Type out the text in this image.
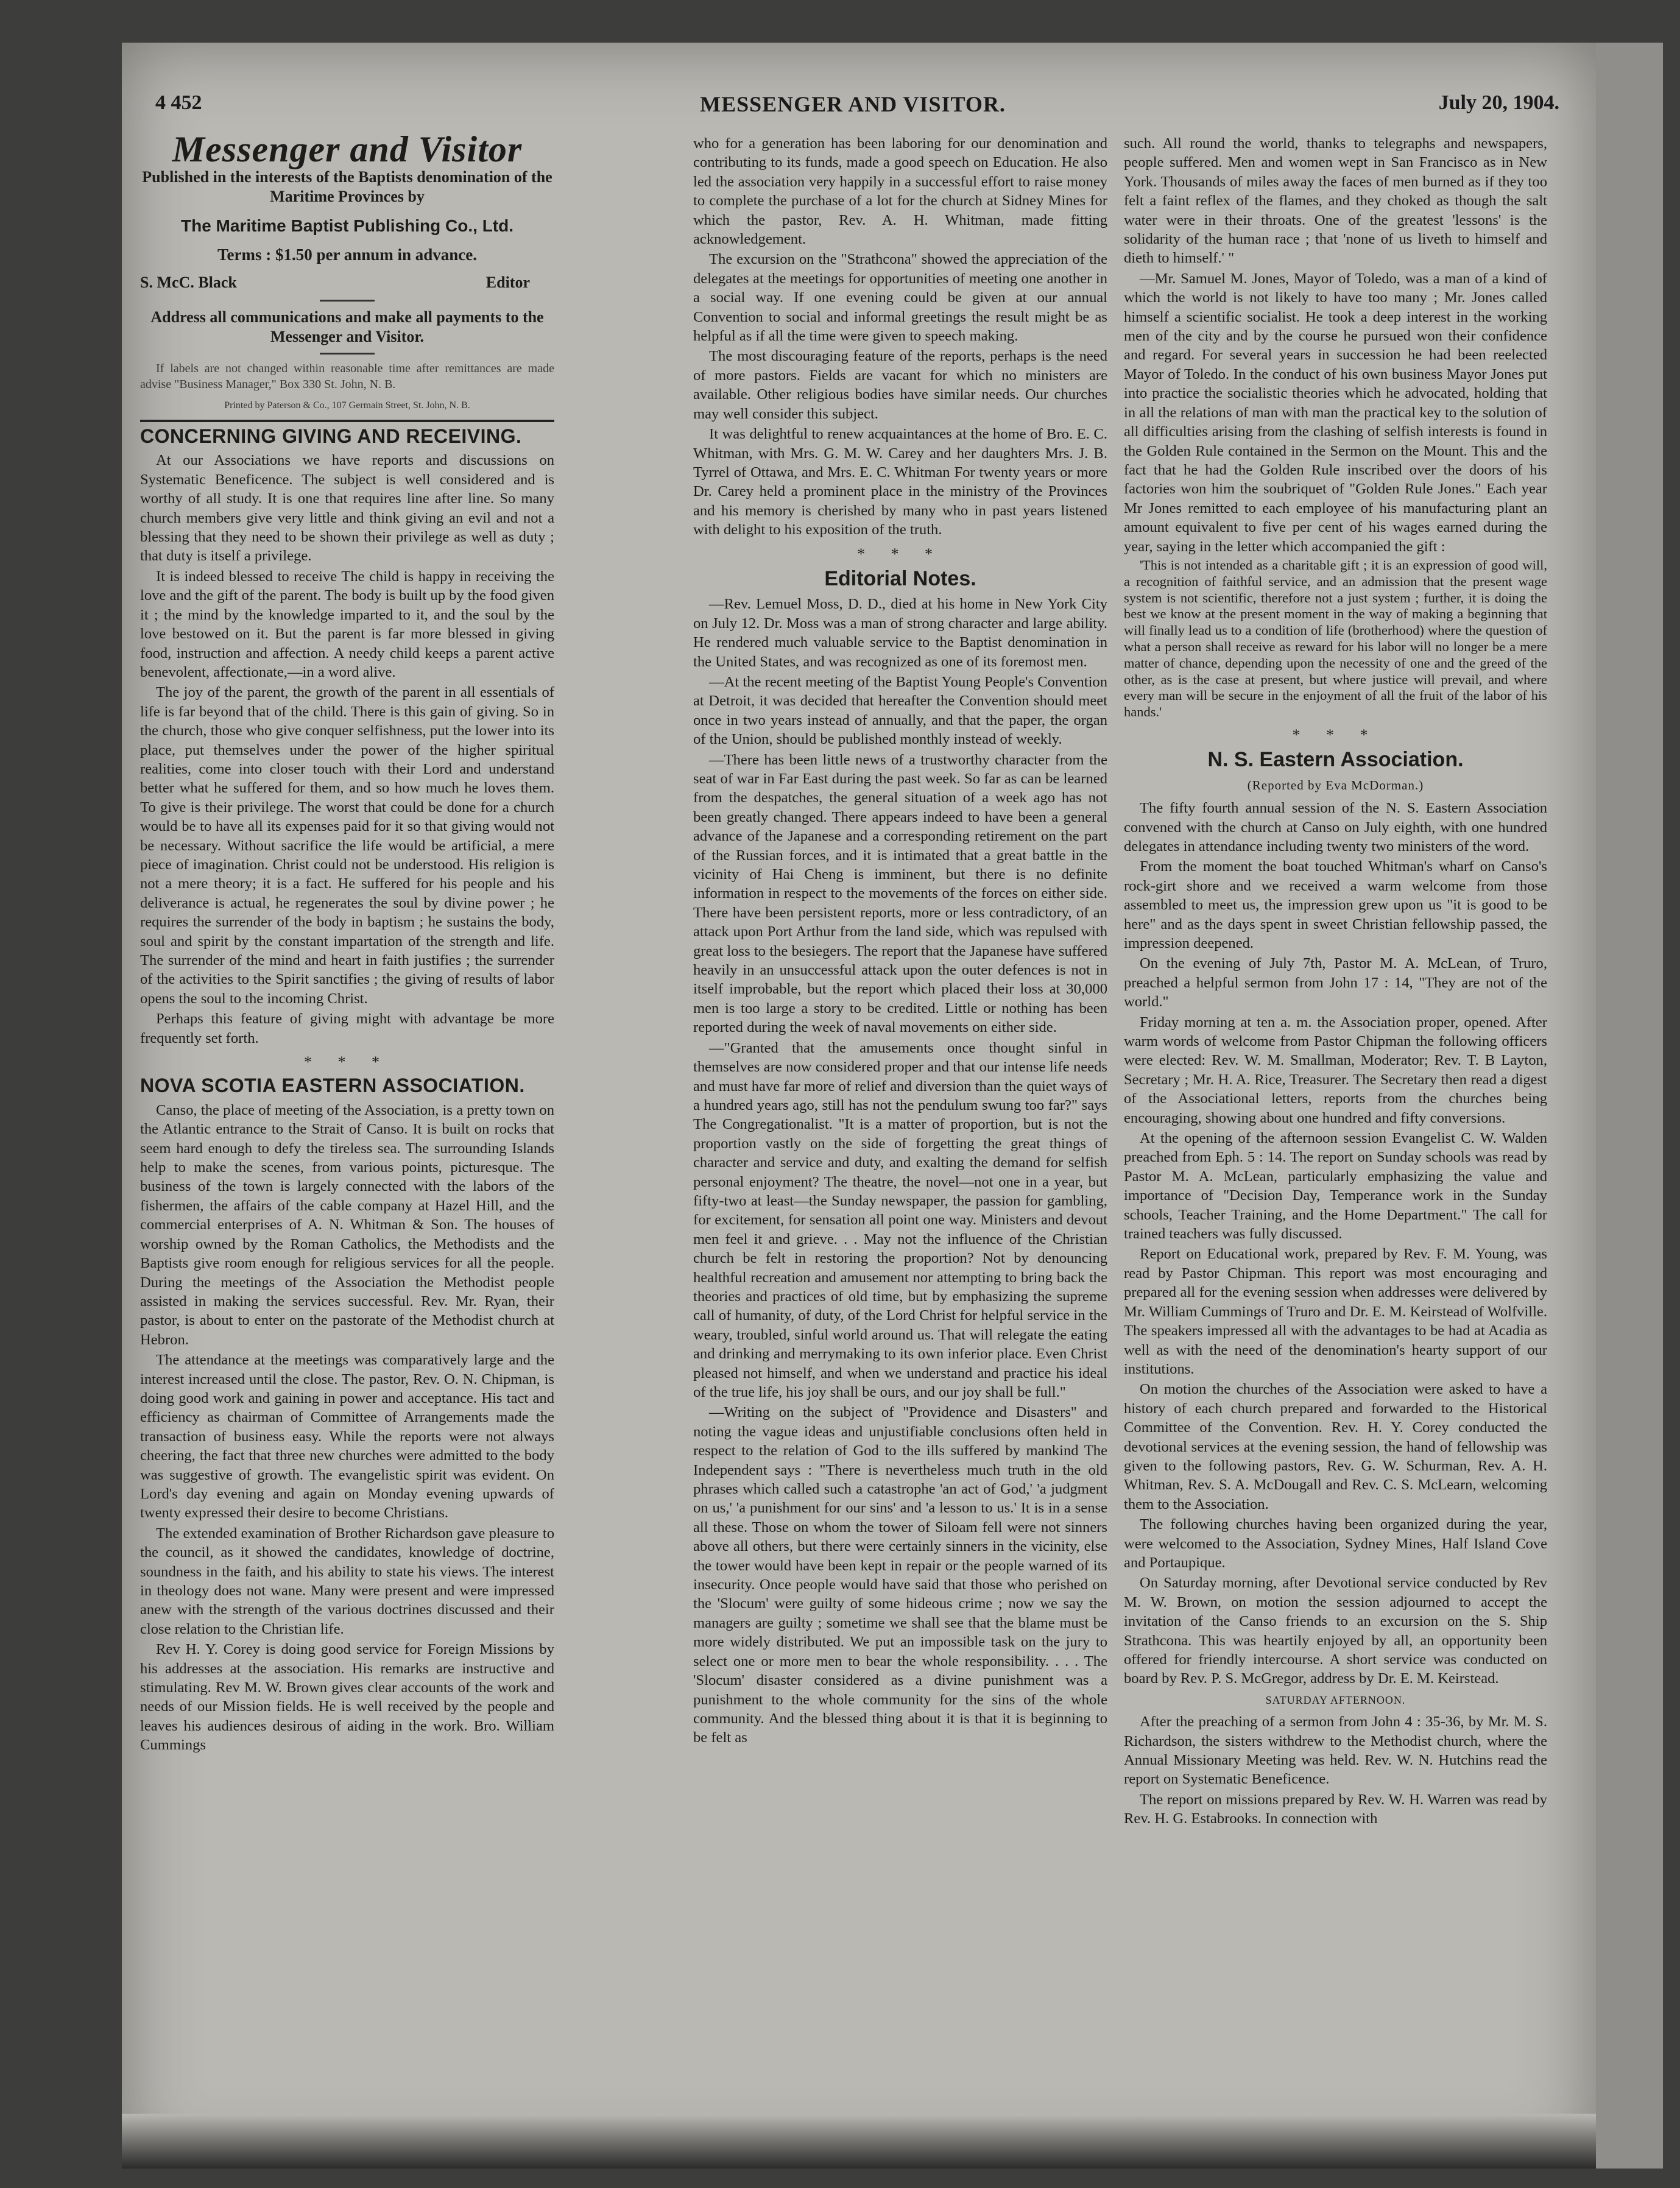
4 452	MESSENGER AND VISITOR.	July 20, 1904.
Messenger and Visitor
Published in the interests of the Baptists denomination of the Maritime Provinces by
The Maritime Baptist Publishing Co., Ltd.
Terms : $1.50 per annum in advance.
S. McC. Black	Editor
Address all communications and make all payments to the Messenger and Visitor.

If labels are not changed within reasonable time after remittances are made advise "Business Manager," Box 330 St. John, N. B.

Printed by Paterson & Co., 107 Germain Street, St. John, N. B.
CONCERNING GIVING AND RECEIVING.

At our Associations we have reports and discussions on Systematic Beneficence. The subject is well considered and is worthy of all study. It is one that requires line after line. So many church members give very little and think giving an evil and not a blessing that they need to be shown their privilege as well as duty ; that duty is itself a privilege.

It is indeed blessed to receive The child is happy in receiving the love and the gift of the parent. The body is built up by the food given it ; the mind by the knowledge imparted to it, and the soul by the love bestowed on it. But the parent is far more blessed in giving food, instruction and affection. A needy child keeps a parent active benevolent, affectionate,—in a word alive.

The joy of the parent, the growth of the parent in all essentials of life is far beyond that of the child. There is this gain of giving. So in the church, those who give conquer selfishness, put the lower into its place, put themselves under the power of the higher spiritual realities, come into closer touch with their Lord and understand better what he suffered for them, and so how much he loves them. To give is their privilege. The worst that could be done for a church would be to have all its expenses paid for it so that giving would not be necessary. Without sacrifice the life would be artificial, a mere piece of imagination. Christ could not be understood. His religion is not a mere theory; it is a fact. He suffered for his people and his deliverance is actual, he regenerates the soul by divine power ; he requires the surrender of the body in baptism ; he sustains the body, soul and spirit by the constant impartation of the strength and life. The surrender of the mind and heart in faith justifies ; the surrender of the activities to the Spirit sanctifies ; the giving of results of labor opens the soul to the incoming Christ.

Perhaps this feature of giving might with advantage be more frequently set forth.

* * *
NOVA SCOTIA EASTERN ASSOCIATION.

Canso, the place of meeting of the Association, is a pretty town on the Atlantic entrance to the Strait of Canso. It is built on rocks that seem hard enough to defy the tireless sea. The surrounding Islands help to make the scenes, from various points, picturesque. The business of the town is largely connected with the labors of the fishermen, the affairs of the cable company at Hazel Hill, and the commercial enterprises of A. N. Whitman & Son. The houses of worship owned by the Roman Catholics, the Methodists and the Baptists give room enough for religious services for all the people. During the meetings of the Association the Methodist people assisted in making the services successful. Rev. Mr. Ryan, their pastor, is about to enter on the pastorate of the Methodist church at Hebron.

The attendance at the meetings was comparatively large and the interest increased until the close. The pastor, Rev. O. N. Chipman, is doing good work and gaining in power and acceptance. His tact and efficiency as chairman of Committee of Arrangements made the transaction of business easy. While the reports were not always cheering, the fact that three new churches were admitted to the body was suggestive of growth. The evangelistic spirit was evident. On Lord's day evening and again on Monday evening upwards of twenty expressed their desire to become Christians.

The extended examination of Brother Richardson gave pleasure to the council, as it showed the candidates, knowledge of doctrine, soundness in the faith, and his ability to state his views. The interest in theology does not wane. Many were present and were impressed anew with the strength of the various doctrines discussed and their close relation to the Christian life.

Rev H. Y. Corey is doing good service for Foreign Missions by his addresses at the association. His remarks are instructive and stimulating. Rev M. W. Brown gives clear accounts of the work and needs of our Mission fields. He is well received by the people and leaves his audiences desirous of aiding in the work. Bro. William Cummings

who for a generation has been laboring for our denomination and contributing to its funds, made a good speech on Education. He also led the association very happily in a successful effort to raise money to complete the purchase of a lot for the church at Sidney Mines for which the pastor, Rev. A. H. Whitman, made fitting acknowledgement.

The excursion on the "Strathcona" showed the appreciation of the delegates at the meetings for opportunities of meeting one another in a social way. If one evening could be given at our annual Convention to social and informal greetings the result might be as helpful as if all the time were given to speech making.

The most discouraging feature of the reports, perhaps is the need of more pastors. Fields are vacant for which no ministers are available. Other religious bodies have similar needs. Our churches may well consider this subject.

It was delightful to renew acquaintances at the home of Bro. E. C. Whitman, with Mrs. G. M. W. Carey and her daughters Mrs. J. B. Tyrrel of Ottawa, and Mrs. E. C. Whitman For twenty years or more Dr. Carey held a prominent place in the ministry of the Provinces and his memory is cherished by many who in past years listened with delight to his exposition of the truth.

* * *
Editorial Notes.

—Rev. Lemuel Moss, D. D., died at his home in New York City on July 12. Dr. Moss was a man of strong character and large ability. He rendered much valuable service to the Baptist denomination in the United States, and was recognized as one of its foremost men.

—At the recent meeting of the Baptist Young People's Convention at Detroit, it was decided that hereafter the Convention should meet once in two years instead of annually, and that the paper, the organ of the Union, should be published monthly instead of weekly.

—There has been little news of a trustworthy character from the seat of war in Far East during the past week. So far as can be learned from the despatches, the general situation of a week ago has not been greatly changed. There appears indeed to have been a general advance of the Japanese and a corresponding retirement on the part of the Russian forces, and it is intimated that a great battle in the vicinity of Hai Cheng is imminent, but there is no definite information in respect to the movements of the forces on either side. There have been persistent reports, more or less contradictory, of an attack upon Port Arthur from the land side, which was repulsed with great loss to the besiegers. The report that the Japanese have suffered heavily in an unsuccessful attack upon the outer defences is not in itself improbable, but the report which placed their loss at 30,000 men is too large a story to be credited. Little or nothing has been reported during the week of naval movements on either side.

—"Granted that the amusements once thought sinful in themselves are now considered proper and that our intense life needs and must have far more of relief and diversion than the quiet ways of a hundred years ago, still has not the pendulum swung too far?" says The Congregationalist. "It is a matter of proportion, but is not the proportion vastly on the side of forgetting the great things of character and service and duty, and exalting the demand for selfish personal enjoyment? The theatre, the novel—not one in a year, but fifty-two at least—the Sunday newspaper, the passion for gambling, for excitement, for sensation all point one way. Ministers and devout men feel it and grieve. . . May not the influence of the Christian church be felt in restoring the proportion? Not by denouncing healthful recreation and amusement nor attempting to bring back the theories and practices of old time, but by emphasizing the supreme call of humanity, of duty, of the Lord Christ for helpful service in the weary, troubled, sinful world around us. That will relegate the eating and drinking and merrymaking to its own inferior place. Even Christ pleased not himself, and when we understand and practice his ideal of the true life, his joy shall be ours, and our joy shall be full."

—Writing on the subject of "Providence and Disasters" and noting the vague ideas and unjustifiable conclusions often held in respect to the relation of God to the ills suffered by mankind The Independent says : "There is nevertheless much truth in the old phrases which called such a catastrophe 'an act of God,' 'a judgment on us,' 'a punishment for our sins' and 'a lesson to us.' It is in a sense all these. Those on whom the tower of Siloam fell were not sinners above all others, but there were certainly sinners in the vicinity, else the tower would have been kept in repair or the people warned of its insecurity. Once people would have said that those who perished on the 'Slocum' were guilty of some hideous crime ; now we say the managers are guilty ; sometime we shall see that the blame must be more widely distributed. We put an impossible task on the jury to select one or more men to bear the whole responsibility. . . . The 'Slocum' disaster considered as a divine punishment was a punishment to the whole community for the sins of the whole community. And the blessed thing about it is that it is beginning to be felt as

such. All round the world, thanks to telegraphs and newspapers, people suffered. Men and women wept in San Francisco as in New York. Thousands of miles away the faces of men burned as if they too felt a faint reflex of the flames, and they choked as though the salt water were in their throats. One of the greatest 'lessons' is the solidarity of the human race ; that 'none of us liveth to himself and dieth to himself.' "

—Mr. Samuel M. Jones, Mayor of Toledo, was a man of a kind of which the world is not likely to have too many ; Mr. Jones called himself a scientific socialist. He took a deep interest in the working men of the city and by the course he pursued won their confidence and regard. For several years in succession he had been reelected Mayor of Toledo. In the conduct of his own business Mayor Jones put into practice the socialistic theories which he advocated, holding that in all the relations of man with man the practical key to the solution of all difficulties arising from the clashing of selfish interests is found in the Golden Rule contained in the Sermon on the Mount. This and the fact that he had the Golden Rule inscribed over the doors of his factories won him the soubriquet of "Golden Rule Jones." Each year Mr Jones remitted to each employee of his manufacturing plant an amount equivalent to five per cent of his wages earned during the year, saying in the letter which accompanied the gift :

'This is not intended as a charitable gift ; it is an expression of good will, a recognition of faithful service, and an admission that the present wage system is not scientific, therefore not a just system ; further, it is doing the best we know at the present moment in the way of making a beginning that will finally lead us to a condition of life (brotherhood) where the question of what a person shall receive as reward for his labor will no longer be a mere matter of chance, depending upon the necessity of one and the greed of the other, as is the case at present, but where justice will prevail, and where every man will be secure in the enjoyment of all the fruit of the labor of his hands.'

* * *
N. S. Eastern Association.
(Reported by Eva McDorman.)

The fifty fourth annual session of the N. S. Eastern Association convened with the church at Canso on July eighth, with one hundred delegates in attendance including twenty two ministers of the word.

From the moment the boat touched Whitman's wharf on Canso's rock-girt shore and we received a warm welcome from those assembled to meet us, the impression grew upon us "it is good to be here" and as the days spent in sweet Christian fellowship passed, the impression deepened.

On the evening of July 7th, Pastor M. A. McLean, of Truro, preached a helpful sermon from John 17 : 14, "They are not of the world."

Friday morning at ten a. m. the Association proper, opened. After warm words of welcome from Pastor Chipman the following officers were elected: Rev. W. M. Smallman, Moderator; Rev. T. B Layton, Secretary ; Mr. H. A. Rice, Treasurer. The Secretary then read a digest of the Associational letters, reports from the churches being encouraging, showing about one hundred and fifty conversions.

At the opening of the afternoon session Evangelist C. W. Walden preached from Eph. 5 : 14. The report on Sunday schools was read by Pastor M. A. McLean, particularly emphasizing the value and importance of "Decision Day, Temperance work in the Sunday schools, Teacher Training, and the Home Department." The call for trained teachers was fully discussed.

Report on Educational work, prepared by Rev. F. M. Young, was read by Pastor Chipman. This report was most encouraging and prepared all for the evening session when addresses were delivered by Mr. William Cummings of Truro and Dr. E. M. Keirstead of Wolfville. The speakers impressed all with the advantages to be had at Acadia as well as with the need of the denomination's hearty support of our institutions.

On motion the churches of the Association were asked to have a history of each church prepared and forwarded to the Historical Committee of the Convention. Rev. H. Y. Corey conducted the devotional services at the evening session, the hand of fellowship was given to the following pastors, Rev. G. W. Schurman, Rev. A. H. Whitman, Rev. S. A. McDougall and Rev. C. S. McLearn, welcoming them to the Association.

The following churches having been organized during the year, were welcomed to the Association, Sydney Mines, Half Island Cove and Portaupique.

On Saturday morning, after Devotional service conducted by Rev M. W. Brown, on motion the session adjourned to accept the invitation of the Canso friends to an excursion on the S. Ship Strathcona. This was heartily enjoyed by all, an opportunity been offered for friendly intercourse. A short service was conducted on board by Rev. P. S. McGregor, address by Dr. E. M. Keirstead.

SATURDAY AFTERNOON.

After the preaching of a sermon from John 4 : 35-36, by Mr. M. S. Richardson, the sisters withdrew to the Methodist church, where the Annual Missionary Meeting was held. Rev. W. N. Hutchins read the report on Systematic Beneficence.

The report on missions prepared by Rev. W. H. Warren was read by Rev. H. G. Estabrooks. In connection with
